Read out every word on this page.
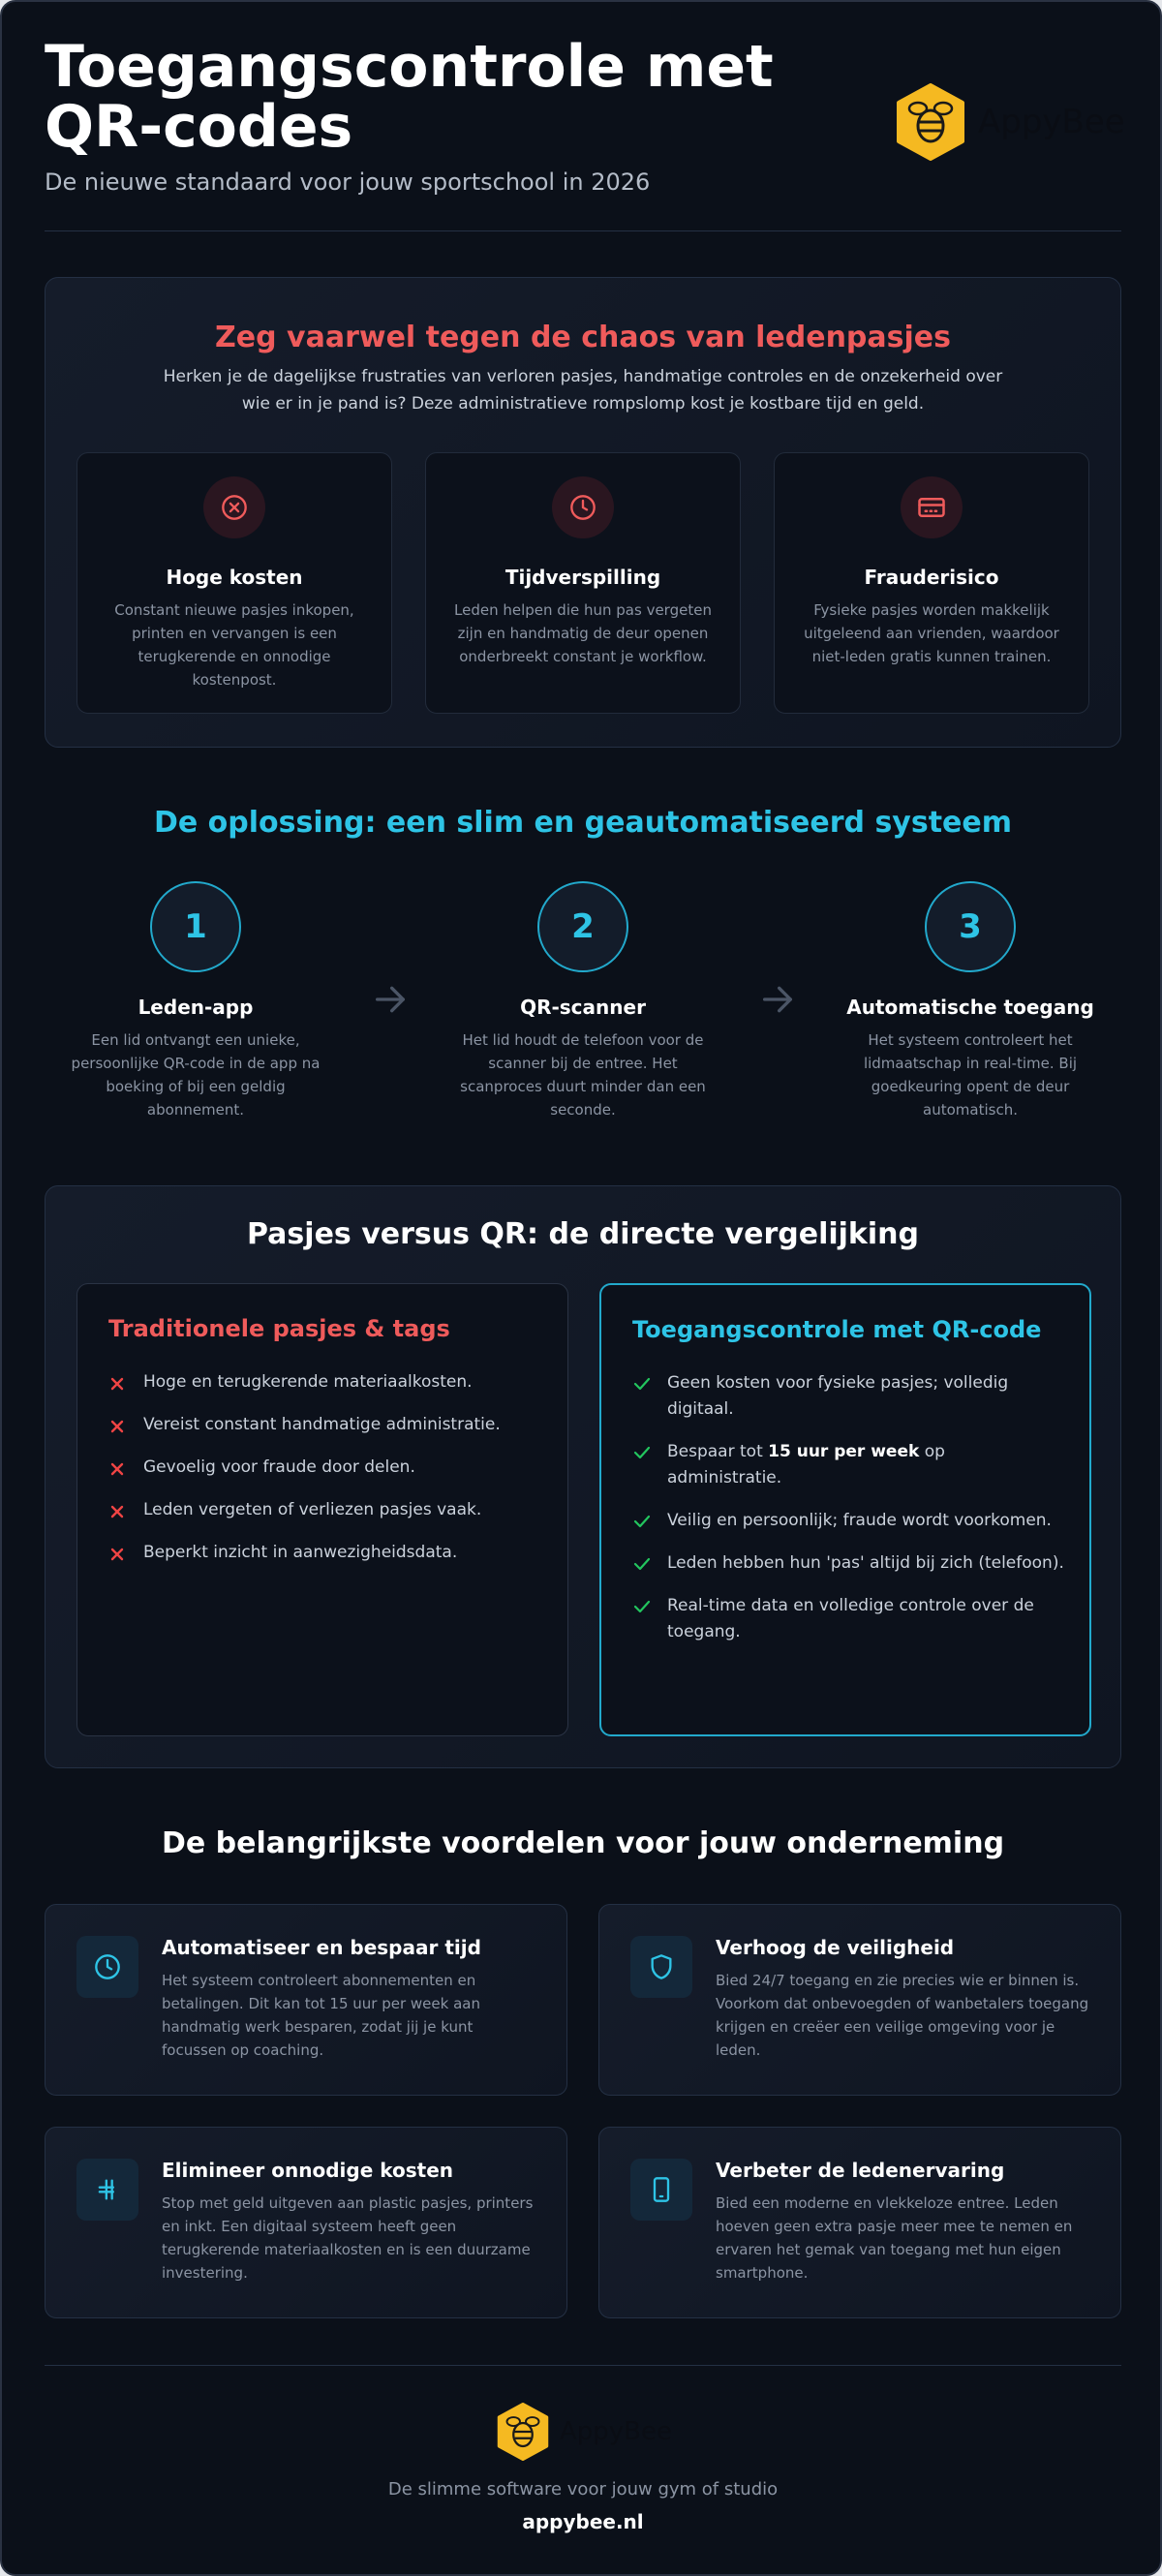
Toegangscontrole met QR-codes
De nieuwe standaard voor jouw sportschool in 2026
AppyBee
Zeg vaarwel tegen de chaos van ledenpasjes

Herken je de dagelijkse frustraties van verloren pasjes, handmatige controles en de onzekerheid over wie er in je pand is? Deze administratieve rompslomp kost je kostbare tijd en geld.

Hoge kosten
Constant nieuwe pasjes inkopen, printen en vervangen is een terugkerende en onnodige kostenpost.
Tijdverspilling
Leden helpen die hun pas vergeten zijn en handmatig de deur openen onderbreekt constant je workflow.
Frauderisico
Fysieke pasjes worden makkelijk uitgeleend aan vrienden, waardoor niet-leden gratis kunnen trainen.
De oplossing: een slim en geautomatiseerd systeem
1
Leden-app
Een lid ontvangt een unieke, persoonlijke QR-code in de app na boeking of bij een geldig abonnement.
2
QR-scanner
Het lid houdt de telefoon voor de scanner bij de entree. Het scanproces duurt minder dan een seconde.
3
Automatische toegang
Het systeem controleert het lidmaatschap in real-time. Bij goedkeuring opent de deur automatisch.
Pasjes versus QR: de directe vergelijking
Traditionele pasjes & tags
Hoge en terugkerende materiaalkosten.
Vereist constant handmatige administratie.
Gevoelig voor fraude door delen.
Leden vergeten of verliezen pasjes vaak.
Beperkt inzicht in aanwezigheidsdata.
Toegangscontrole met QR-code
Geen kosten voor fysieke pasjes; volledig digitaal.
Bespaar tot 15 uur per week op administratie.
Veilig en persoonlijk; fraude wordt voorkomen.
Leden hebben hun 'pas' altijd bij zich (telefoon).
Real-time data en volledige controle over de toegang.
De belangrijkste voordelen voor jouw onderneming
Automatiseer en bespaar tijd
Het systeem controleert abonnementen en betalingen. Dit kan tot 15 uur per week aan handmatig werk besparen, zodat jij je kunt focussen op coaching.
Verhoog de veiligheid
Bied 24/7 toegang en zie precies wie er binnen is. Voorkom dat onbevoegden of wanbetalers toegang krijgen en creëer een veilige omgeving voor je leden.
Elimineer onnodige kosten
Stop met geld uitgeven aan plastic pasjes, printers en inkt. Een digitaal systeem heeft geen terugkerende materiaalkosten en is een duurzame investering.
Verbeter de ledenervaring
Bied een moderne en vlekkeloze entree. Leden hoeven geen extra pasje meer mee te nemen en ervaren het gemak van toegang met hun eigen smartphone.
AppyBee
De slimme software voor jouw gym of studio
appybee.nl
